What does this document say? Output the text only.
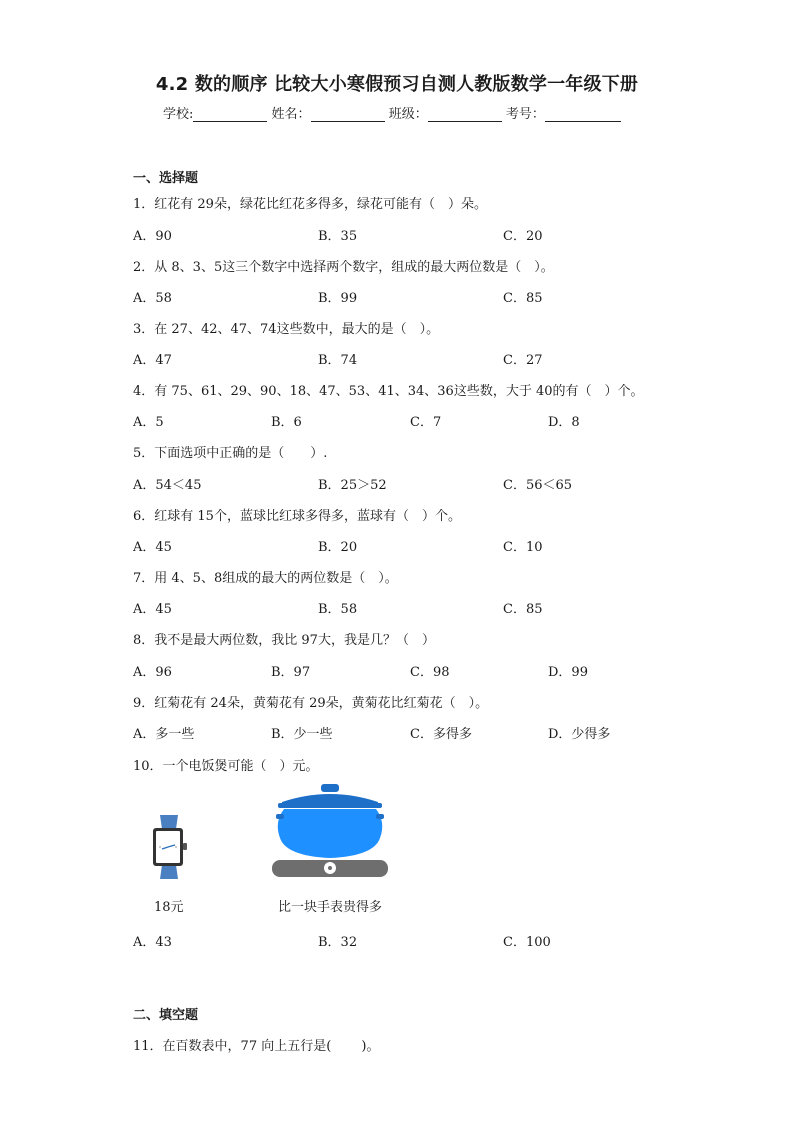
4.2 数的顺序 比较大小寒假预习自测人教版数学一年级下册
学校:	姓名：	班级：	考号：
一、选择题
1．红花有 29朵，绿花比红花多得多，绿花可能有（　）朵。
A．90	B．35	C．20
2．从 8、3、5这三个数字中选择两个数字，组成的最大两位数是（　）。
A．58	B．99	C．85
3．在 27、42、47、74这些数中，最大的是（　）。
A．47	B．74	C．27
4．有 75、61、29、90、18、47、53、41、34、36这些数，大于 40的有（　）个。
A．5	B．6	C．7	D．8
5．下面选项中正确的是（　　）.
A．54＜45	B．25＞52	C．56＜65
6．红球有 15个，蓝球比红球多得多，蓝球有（　）个。
A．45	B．20	C．10
7．用 4、5、8组成的最大的两位数是（　）。
A．45	B．58	C．85
8．我不是最大两位数，我比 97大，我是几？（　）
A．96	B．97	C．98	D．99
9．红菊花有 24朵，黄菊花有 29朵，黄菊花比红菊花（　）。
A．多一些	B．少一些	C．多得多	D．少得多
10．一个电饭煲可能（　）元。
18元	比一块手表贵得多
A．43	B．32	C．100
二、填空题
11．在百数表中，77 向上五行是(　　 )。
